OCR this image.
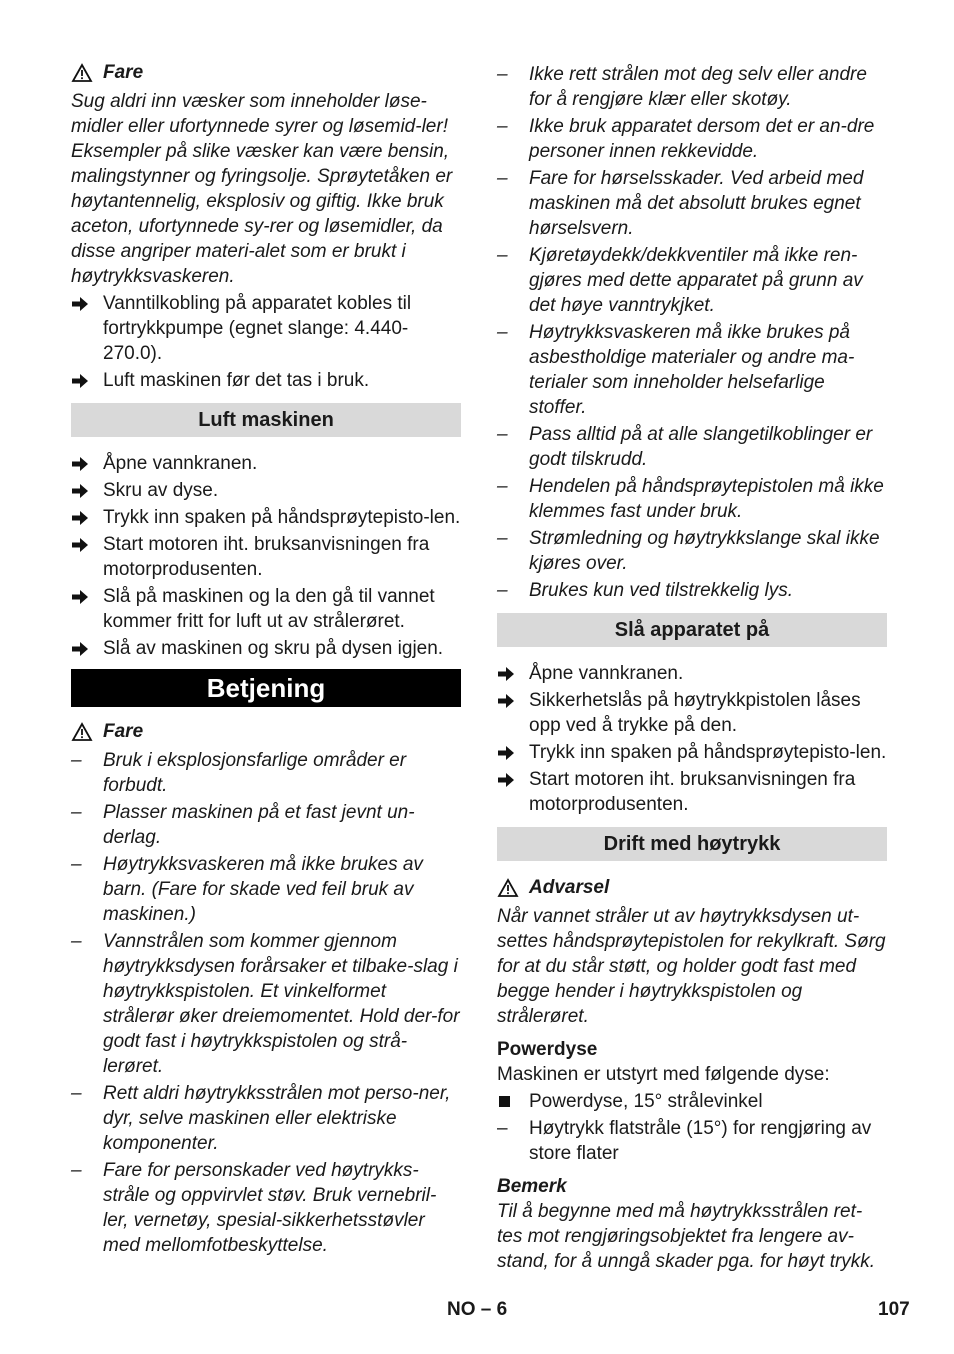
Fare

Sug aldri inn væsker som inneholder løse-midler eller ufortynnede syrer og løsemid-ler! Eksempler på slike væsker kan være bensin, malingstynner og fyringsolje. Sprøytetåken er høytantennelig, eksplosiv og giftig. Ikke bruk aceton, ufortynnede sy-rer og løsemidler, da disse angriper materi-alet som er brukt i høytrykksvaskeren.

Vanntilkobling på apparatet kobles til fortrykkpumpe (egnet slange: 4.440-270.0).
Luft maskinen før det tas i bruk.
Luft maskinen
Åpne vannkranen.
Skru av dyse.
Trykk inn spaken på håndsprøytepisto-len.
Start motoren iht. bruksanvisningen fra motorprodusenten.
Slå på maskinen og la den gå til vannet kommer fritt for luft ut av strålerøret.
Slå av maskinen og skru på dysen igjen.
Betjening
Fare
–	Bruk i eksplosjonsfarlige områder er forbudt.
–	Plasser maskinen på et fast jevnt un-derlag.
–	Høytrykksvaskeren må ikke brukes av barn. (Fare for skade ved feil bruk av maskinen.)
–	Vannstrålen som kommer gjennom høytrykksdysen forårsaker et tilbake-slag i høytrykkspistolen. Et vinkelformet strålerør øker dreiemomentet. Hold der-for godt fast i høytrykkspistolen og strå-lerøret.
–	Rett aldri høytrykksstrålen mot perso-ner, dyr, selve maskinen eller elektriske komponenter.
–	Fare for personskader ved høytrykks-stråle og oppvirvlet støv. Bruk vernebril-ler, vernetøy, spesial-sikkerhetsstøvler med mellomfotbeskyttelse.
–	Ikke rett strålen mot deg selv eller andre for å rengjøre klær eller skotøy.
–	Ikke bruk apparatet dersom det er an-dre personer innen rekkevidde.
–	Fare for hørselsskader. Ved arbeid med maskinen må det absolutt brukes egnet hørselsvern.
–	Kjøretøydekk/dekkventiler må ikke ren-gjøres med dette apparatet på grunn av det høye vanntrykjket.
–	Høytrykksvaskeren må ikke brukes på asbestholdige materialer og andre ma-terialer som inneholder helsefarlige stoffer.
–	Pass alltid på at alle slangetilkoblinger er godt tilskrudd.
–	Hendelen på håndsprøytepistolen må ikke klemmes fast under bruk.
–	Strømledning og høytrykkslange skal ikke kjøres over.
–	Brukes kun ved tilstrekkelig lys.
Slå apparatet på
Åpne vannkranen.
Sikkerhetslås på høytrykkpistolen låses opp ved å trykke på den.
Trykk inn spaken på håndsprøytepisto-len.
Start motoren iht. bruksanvisningen fra motorprodusenten.
Drift med høytrykk
Advarsel

Når vannet stråler ut av høytrykksdysen ut-settes håndsprøytepistolen for rekylkraft. Sørg for at du står støtt, og holder godt fast med begge hender i høytrykkspistolen og strålerøret.

Powerdyse

Maskinen er utstyrt med følgende dyse:

Powerdyse, 15° strålevinkel
–	Høytrykk flatstråle (15°) for rengjøring av store flater
Bemerk

Til å begynne med må høytrykksstrålen ret-tes mot rengjøringsobjektet fra lengere av-stand, for å unngå skader pga. for høyt trykk.

NO – 6	107
